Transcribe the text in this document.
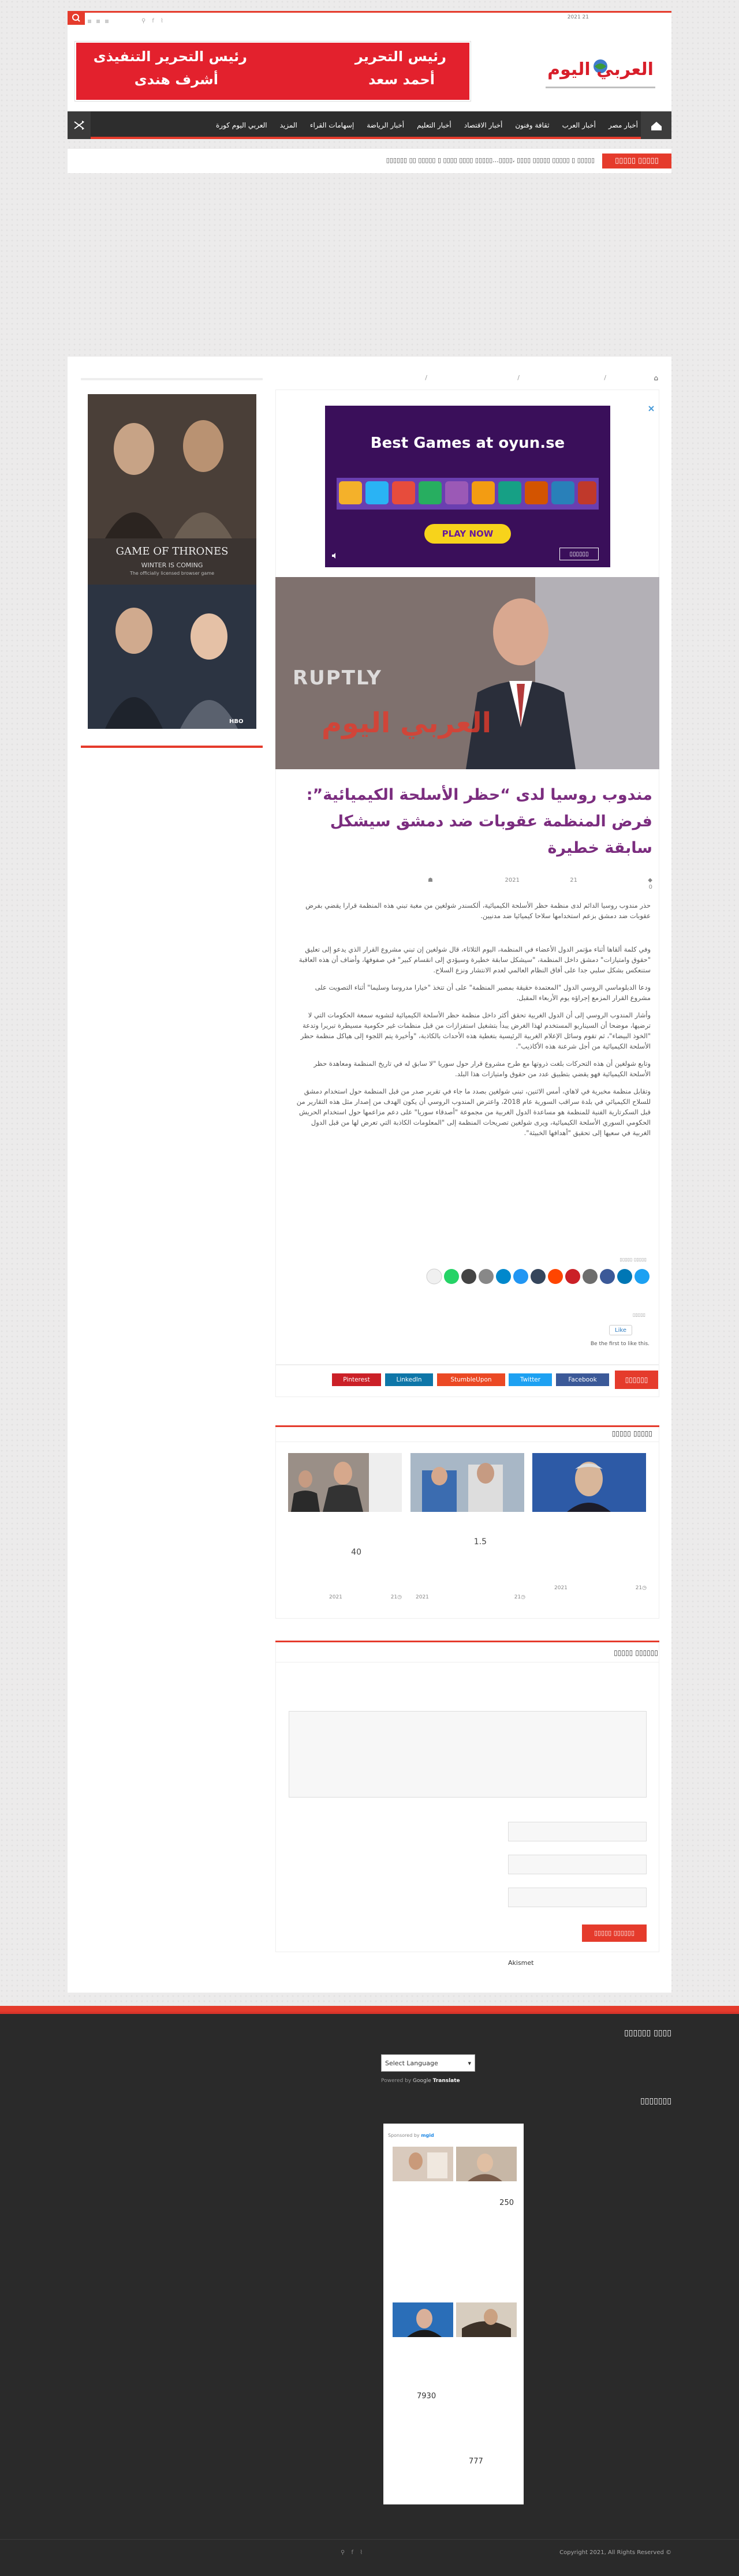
⚲ f ⌇
2021 21
رئيس التحرير
أحمد سعد
رئيس التحرير التنفيذى
أشرف هندى	العربي اليوم
أخبار مصر
أخبار العرب
ثقافة وفنون
أخبار الاقتصاد
أخبار التعليم
أخبار الرياضة
إسهامات القراء
المزيد
العربي اليوم كورة
▯▯▯▯▯ ▯▯▯▯▯
▯▯▯▯▯ ▯ ▯▯▯▯▯ ▯▯▯▯▯ ▯▯▯▯ ،▯▯▯▯...▯▯▯▯▯ ▯▯▯▯ ▯▯▯▯ ▯ ▯▯▯▯▯ ▯▯ ▯▯▯▯▯▯
⌂
/
/
/
Best Games at oyun.se
PLAY NOW
▯▯▯▯▯▯
RUPTLY
العربي اليوم
مندوب روسيا لدى “حظر الأسلحة الكيميائية”:
فرض المنظمة عقوبات ضد دمشق سيشكل
سابقة خطيرة
◆
0
21
2021
☗

حذر مندوب روسيا الدائم لدى منظمة حظر الأسلحة الكيميائية، ألكسندر شولغين من مغبة تبني هذه المنظمة قرارا يقضي بفرض عقوبات ضد دمشق بزعم استخدامها سلاحا كيميائيا ضد مدنيين.

وفي كلمة ألقاها أثناء مؤتمر الدول الأعضاء في المنظمة، اليوم الثلاثاء، قال شولغين إن تبني مشروع القرار الذي يدعو إلى تعليق "حقوق وامتيازات" دمشق داخل المنظمة، "سيشكل سابقة خطيرة وسيؤدي إلى انقسام كبير" في صفوفها، وأضاف أن هذه العاقبة ستنعكس بشكل سلبي جدا على أفاق النظام العالمي لعدم الانتشار ونزع السلاح.

ودعا الدبلوماسي الروسي الدول "المعتمدة حقيقة بمصير المنظمة" على أن تتخذ "خيارا مدروسا وسليما" أثناء التصويت على مشروع القرار المزمع إجراؤه يوم الأربعاء المقبل.

وأشار المندوب الروسي إلى أن الدول الغربية تحقق أكثر داخل منظمة حظر الأسلحة الكيميائية لتشويه سمعة الحكومات التي لا ترضيها، موضحا أن السيناريو المستخدم لهذا الغرض يبدأ بتشغيل استفزازات من قبل منظمات غير حكومية مسيطرة تبريرا وتدعة "الخوذ البيضاء"، ثم تقوم وسائل الإعلام الغربية الرئيسية بتغطية هذه الأحداث بالكاذبة، "وأخيرة يتم اللجوء إلى هياكل منظمة حظر الأسلحة الكيميائية من أجل شرعنة هذه الأكاذيب".

وتابع شولغين أن هذه التحركات بلغت ذروتها مع طرح مشروع قرار حول سوريا "لا سابق له في تاريخ المنظمة ومعاهدة حظر الأسلحة الكيميائية فهو يقضي بتطبيق عدد من حقوق وامتيازات هذا البلد.

وتقابل منظمة مخبرية في لاهاي، أمس الاثنين، تبنى شولغين بصدد ما جاء في تقرير صدر من قبل المنظمة حول استخدام دمشق للسلاح الكيميائي في بلدة سراقب السورية عام 2018، واعترض المندوب الروسي أن يكون الهدف من إصدار مثل هذه التقارير من قبل السكرتارية الفنية للمنظمة هو مساعدة الدول الغربية من مجموعة "أصدقاء سوريا" على دعم مزاعمها حول استخدام الحريش الحكومي السوري الأسلحة الكيميائية، ويرى شولغين تصريحات المنظمة إلى "المعلومات الكاذبة التي تعرض لها من قبل الدول الغربية في سعيها إلى تحقيق "أهدافها الخبيثة".

▯▯▯▯▯ ▯▯▯▯▯
▯▯▯▯▯
Like
Be the first to like this.
▯▯▯▯▯▯
Facebook
Twitter
StumbleUpon
LinkedIn
Pinterest
▯▯▯▯▯ ▯▯▯▯▯
1.5
40
21◷
2021
21◷
2021
21◷
2021
▯▯▯▯▯ ▯▯▯▯▯▯
▯▯▯▯▯ ▯▯▯▯▯▯
Akismet
GAME OF THRONES
WINTER IS COMING
The officially licensed browser game
HBO
▯▯▯▯▯▯ ▯▯▯▯
Select Language	▾
Powered by Google Translate
▯▯▯▯▯▯▯
Sponsored by mgid
250
7930
777
⚲ f ⌇	Copyright 2021, All Rights Reserved ©
